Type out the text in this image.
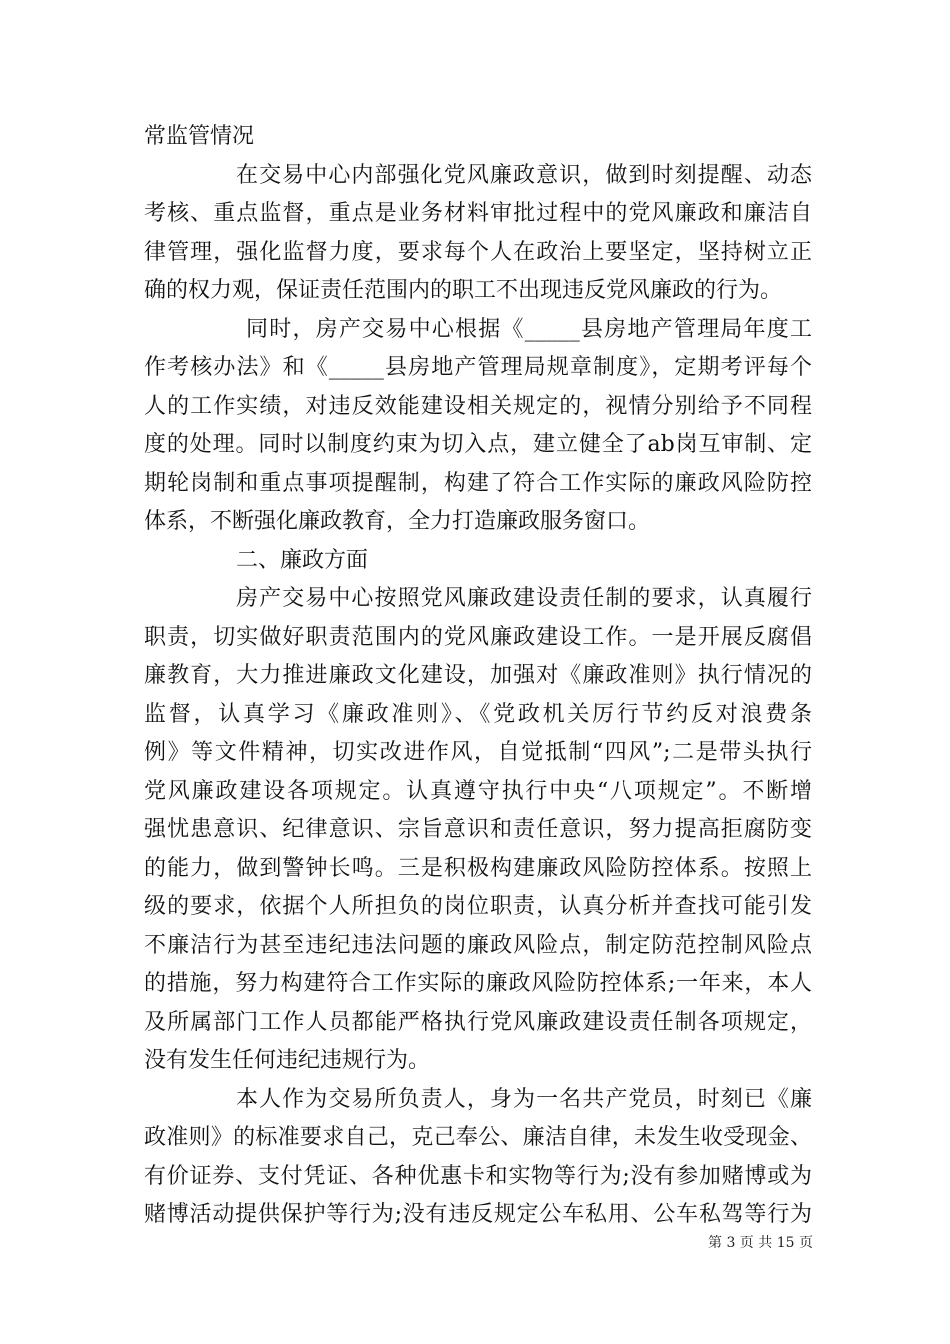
常监管情况
在交易中心内部强化党风廉政意识，做到时刻提醒、动态
考核、重点监督，重点是业务材料审批过程中的党风廉政和廉洁自
律管理，强化监督力度，要求每个人在政治上要坚定，坚持树立正
确的权力观，保证责任范围内的职工不出现违反党风廉政的行为。
同时，房产交易中心根据《_____县房地产管理局年度工
作考核办法》和《_____县房地产管理局规章制度》，定期考评每个
人的工作实绩，对违反效能建设相关规定的，视情分别给予不同程
度的处理。同时以制度约束为切入点，建立健全了ab岗互审制、定
期轮岗制和重点事项提醒制，构建了符合工作实际的廉政风险防控
体系，不断强化廉政教育，全力打造廉政服务窗口。
二、廉政方面
房产交易中心按照党风廉政建设责任制的要求，认真履行
职责，切实做好职责范围内的党风廉政建设工作。一是开展反腐倡
廉教育，大力推进廉政文化建设，加强对《廉政准则》执行情况的
监督，认真学习《廉政准则》、《党政机关厉行节约反对浪费条
例》等文件精神，切实改进作风，自觉抵制“四风”;二是带头执行
党风廉政建设各项规定。认真遵守执行中央“八项规定”。不断增
强忧患意识、纪律意识、宗旨意识和责任意识，努力提高拒腐防变
的能力，做到警钟长鸣。三是积极构建廉政风险防控体系。按照上
级的要求，依据个人所担负的岗位职责，认真分析并查找可能引发
不廉洁行为甚至违纪违法问题的廉政风险点，制定防范控制风险点
的措施，努力构建符合工作实际的廉政风险防控体系;一年来，本人
及所属部门工作人员都能严格执行党风廉政建设责任制各项规定，
没有发生任何违纪违规行为。
本人作为交易所负责人，身为一名共产党员，时刻已《廉
政准则》的标准要求自己，克己奉公、廉洁自律，未发生收受现金、
有价证券、支付凭证、各种优惠卡和实物等行为;没有参加赌博或为
赌博活动提供保护等行为;没有违反规定公车私用、公车私驾等行为
第 3 页 共 15 页
